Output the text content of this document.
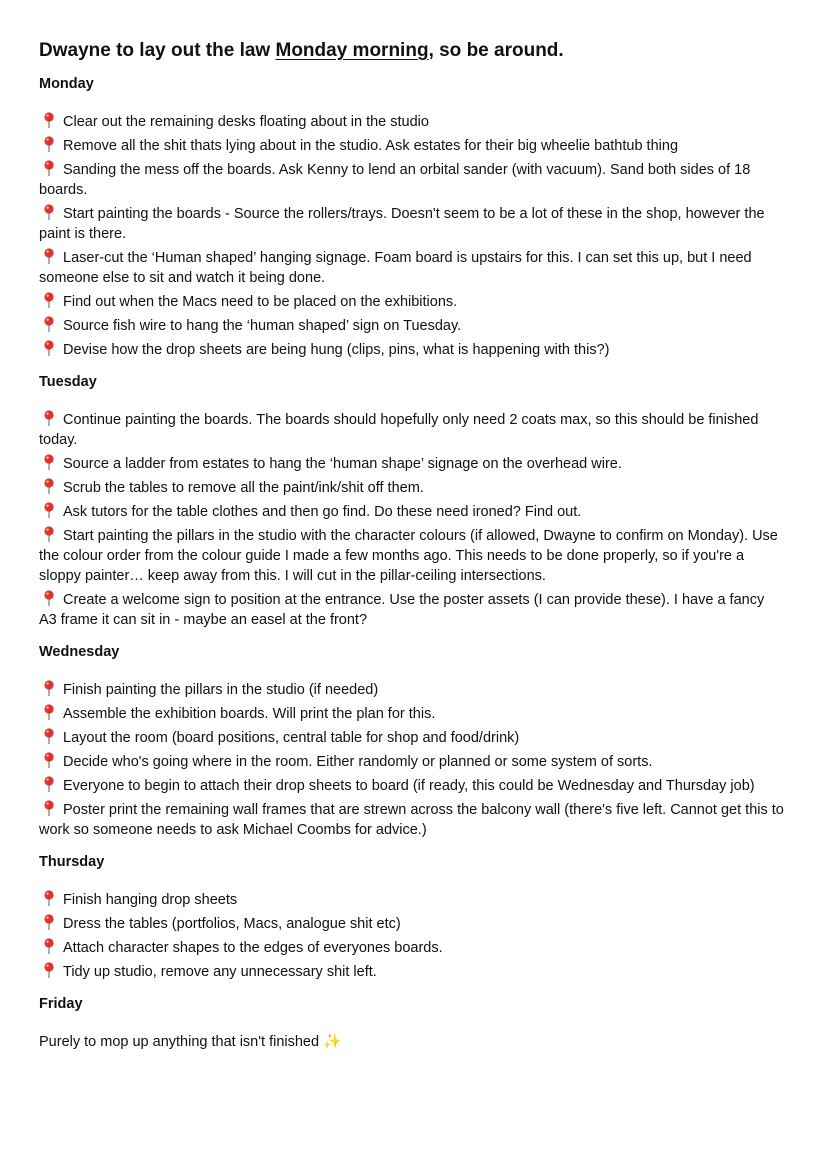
Dwayne to lay out the law Monday morning, so be around.
Monday
Clear out the remaining desks floating about in the studio
Remove all the shit thats lying about in the studio. Ask estates for their big wheelie bathtub thing
Sanding the mess off the boards. Ask Kenny to lend an orbital sander (with vacuum). Sand both sides of 18 boards.
Start painting the boards - Source the rollers/trays. Doesn't seem to be a lot of these in the shop, however the paint is there.
Laser-cut the ‘Human shaped’ hanging signage. Foam board is upstairs for this. I can set this up, but I need someone else to sit and watch it being done.
Find out when the Macs need to be placed on the exhibitions.
Source fish wire to hang the ‘human shaped’ sign on Tuesday.
Devise how the drop sheets are being hung (clips, pins, what is happening with this?)
Tuesday
Continue painting the boards. The boards should hopefully only need 2 coats max, so this should be finished today.
Source a ladder from estates to hang the ‘human shape’ signage on the overhead wire.
Scrub the tables to remove all the paint/ink/shit off them.
Ask tutors for the table clothes and then go find. Do these need ironed? Find out.
Start painting the pillars in the studio with the character colours (if allowed, Dwayne to confirm on Monday). Use the colour order from the colour guide I made a few months ago. This needs to be done properly, so if you're a sloppy painter… keep away from this. I will cut in the pillar-ceiling intersections.
Create a welcome sign to position at the entrance. Use the poster assets (I can provide these). I have a fancy A3 frame it can sit in - maybe an easel at the front?
Wednesday
Finish painting the pillars in the studio (if needed)
Assemble the exhibition boards. Will print the plan for this.
Layout the room (board positions, central table for shop and food/drink)
Decide who's going where in the room. Either randomly or planned or some system of sorts.
Everyone to begin to attach their drop sheets to board (if ready, this could be Wednesday and Thursday job)
Poster print the remaining wall frames that are strewn across the balcony wall (there's five left. Cannot get this to work so someone needs to ask Michael Coombs for advice.)
Thursday
Finish hanging drop sheets
Dress the tables (portfolios, Macs, analogue shit etc)
Attach character shapes to the edges of everyones boards.
Tidy up studio, remove any unnecessary shit left.
Friday

Purely to mop up anything that isn't finished ✨
